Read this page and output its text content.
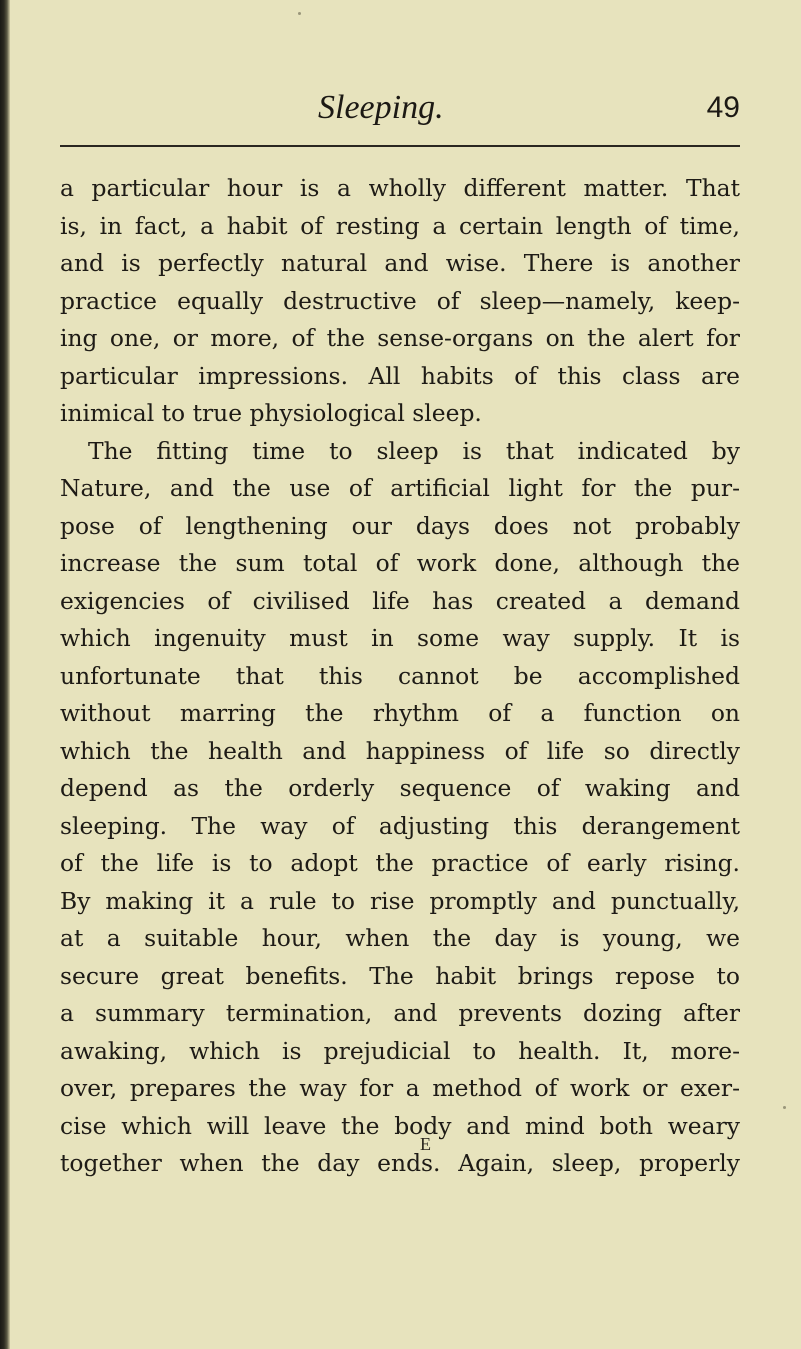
Sleeping.	49
a particular hour is a wholly different matter. That
is, in fact, a habit of resting a certain length of time,
and is perfectly natural and wise. There is another
practice equally destructive of sleep—namely, keep-
ing one, or more, of the sense-organs on the alert for
particular impressions. All habits of this class are
inimical to true physiological sleep.
The fitting time to sleep is that indicated by
Nature, and the use of artificial light for the pur-
pose of lengthening our days does not probably
increase the sum total of work done, although the
exigencies of civilised life has created a demand
which ingenuity must in some way supply. It is
unfortunate that this cannot be accomplished
without marring the rhythm of a function on
which the health and happiness of life so directly
depend as the orderly sequence of waking and
sleeping. The way of adjusting this derangement
of the life is to adopt the practice of early rising.
By making it a rule to rise promptly and punctually,
at a suitable hour, when the day is young, we
secure great benefits. The habit brings repose to
a summary termination, and prevents dozing after
awaking, which is prejudicial to health. It, more-
over, prepares the way for a method of work or exer-
cise which will leave the body and mind both weary
together when the day ends. Again, sleep, properly
E
